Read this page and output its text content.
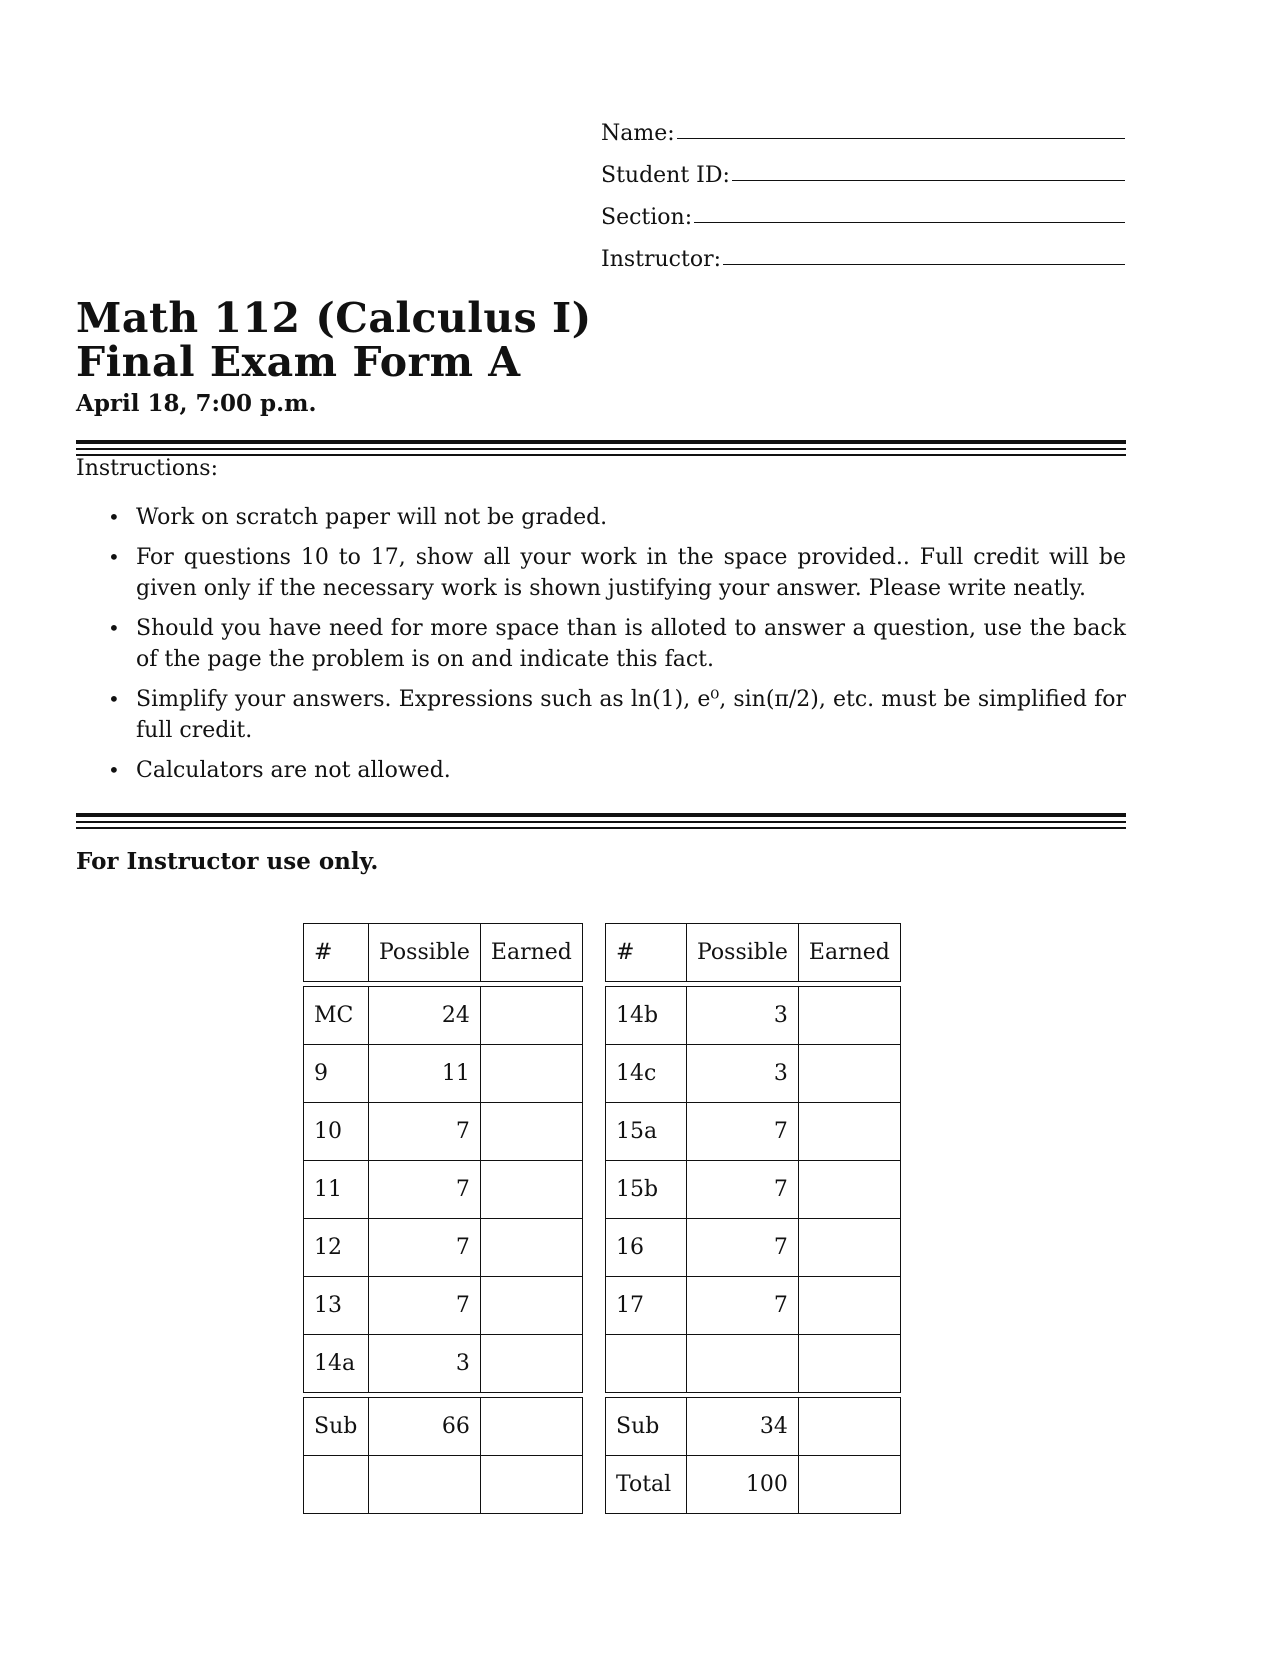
Name:
Student ID:
Section:
Instructor:
Math 112 (Calculus I)
Final Exam Form A
April 18, 7:00 p.m.
Instructions:
• Work on scratch paper will not be graded.
• For questions 10 to 17, show all your work in the space provided.. Full credit will be given only if the necessary work is shown justifying your answer. Please write neatly.
• Should you have need for more space than is alloted to answer a question, use the back of the page the problem is on and indicate this fact.
• Simplify your answers. Expressions such as ln(1), e⁰, sin(π/2), etc. must be simplified for full credit.
• Calculators are not allowed.
For Instructor use only.
#	Possible	Earned

MC	24	
9	11	
10	7	
11	7	
12	7	
13	7	
14a	3	

Sub	66	

#	Possible	Earned

14b	3	
14c	3	
15a	7	
15b	7	
16	7	
17	7	

Sub	34	
Total	100	
